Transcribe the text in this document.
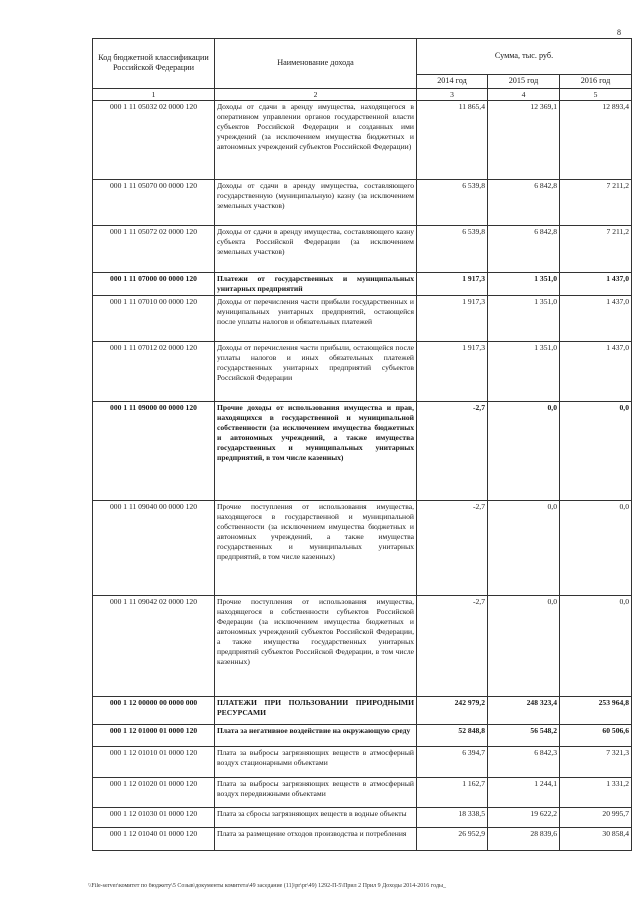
8
Код бюджетной классификации Российской Федерации	Наименование дохода	Сумма, тыс. руб.		
		2014 год	2015 год	2016 год
1	2	3	4	5
000 1 11 05032 02 0000 120	Доходы от сдачи в аренду имущества, находящегося в оперативном управлении органов государственной власти субъектов Российской Федерации и созданных ими учреждений (за исключением имущества бюджетных и автономных учреждений субъектов Российской Федерации)	11 865,4	12 369,1	12 893,4
000 1 11 05070 00 0000 120	Доходы от сдачи в аренду имущества, составляющего государственную (муниципальную) казну (за исключением земельных участков)	6 539,8	6 842,8	7 211,2
000 1 11 05072 02 0000 120	Доходы от сдачи в аренду имущества, составляющего казну субъекта Российской Федерации (за исключением земельных участков)	6 539,8	6 842,8	7 211,2
000 1 11 07000 00 0000 120	Платежи от государственных и муниципальных унитарных предприятий	1 917,3	1 351,0	1 437,0
000 1 11 07010 00 0000 120	Доходы от перечисления части прибыли государственных и муниципальных унитарных предприятий, остающейся после уплаты налогов и обязательных платежей	1 917,3	1 351,0	1 437,0
000 1 11 07012 02 0000 120	Доходы от перечисления части прибыли, остающейся после уплаты налогов и иных обязательных платежей государственных унитарных предприятий субъектов Российской Федерации	1 917,3	1 351,0	1 437,0
000 1 11 09000 00 0000 120	Прочие доходы от использования имущества и прав, находящихся в государственной и муниципальной собственности (за исключением имущества бюджетных и автономных учреждений, а также имущества государственных и муниципальных унитарных предприятий, в том числе казенных)	-2,7	0,0	0,0
000 1 11 09040 00 0000 120	Прочие поступления от использования имущества, находящегося в государственной и муниципальной собственности (за исключением имущества бюджетных и автономных учреждений, а также имущества государственных и муниципальных унитарных предприятий, в том числе казенных)	-2,7	0,0	0,0
000 1 11 09042 02 0000 120	Прочие поступления от использования имущества, находящегося в собственности субъектов Российской Федерации (за исключением имущества бюджетных и автономных учреждений субъектов Российской Федерации, а также имущества государственных унитарных предприятий субъектов Российской Федерации, в том числе казенных)	-2,7	0,0	0,0
000 1 12 00000 00 0000 000	ПЛАТЕЖИ ПРИ ПОЛЬЗОВАНИИ ПРИРОДНЫМИ РЕСУРСАМИ	242 979,2	248 323,4	253 964,8
000 1 12 01000 01 0000 120	Плата за негативное воздействие на окружающую среду	52 848,8	56 548,2	60 506,6
000 1 12 01010 01 0000 120	Плата за выбросы загрязняющих веществ в атмосферный воздух стационарными объектами	6 394,7	6 842,3	7 321,3
000 1 12 01020 01 0000 120	Плата за выбросы загрязняющих веществ в атмосферный воздух передвижными объектами	1 162,7	1 244,1	1 331,2
000 1 12 01030 01 0000 120	Плата за сбросы загрязняющих веществ в водные объекты	18 338,5	19 622,2	20 995,7
000 1 12 01040 01 0000 120	Плата за размещение отходов производства и потребления	26 952,9	28 839,6	30 858,4
\\File-server\комитет по бюджету\5 Созыв\документы комитета\49 заседание (11)\pr\pr\49) 1292-П-5\Прил 2 Прил 9 Доходы 2014-2016 годы_
